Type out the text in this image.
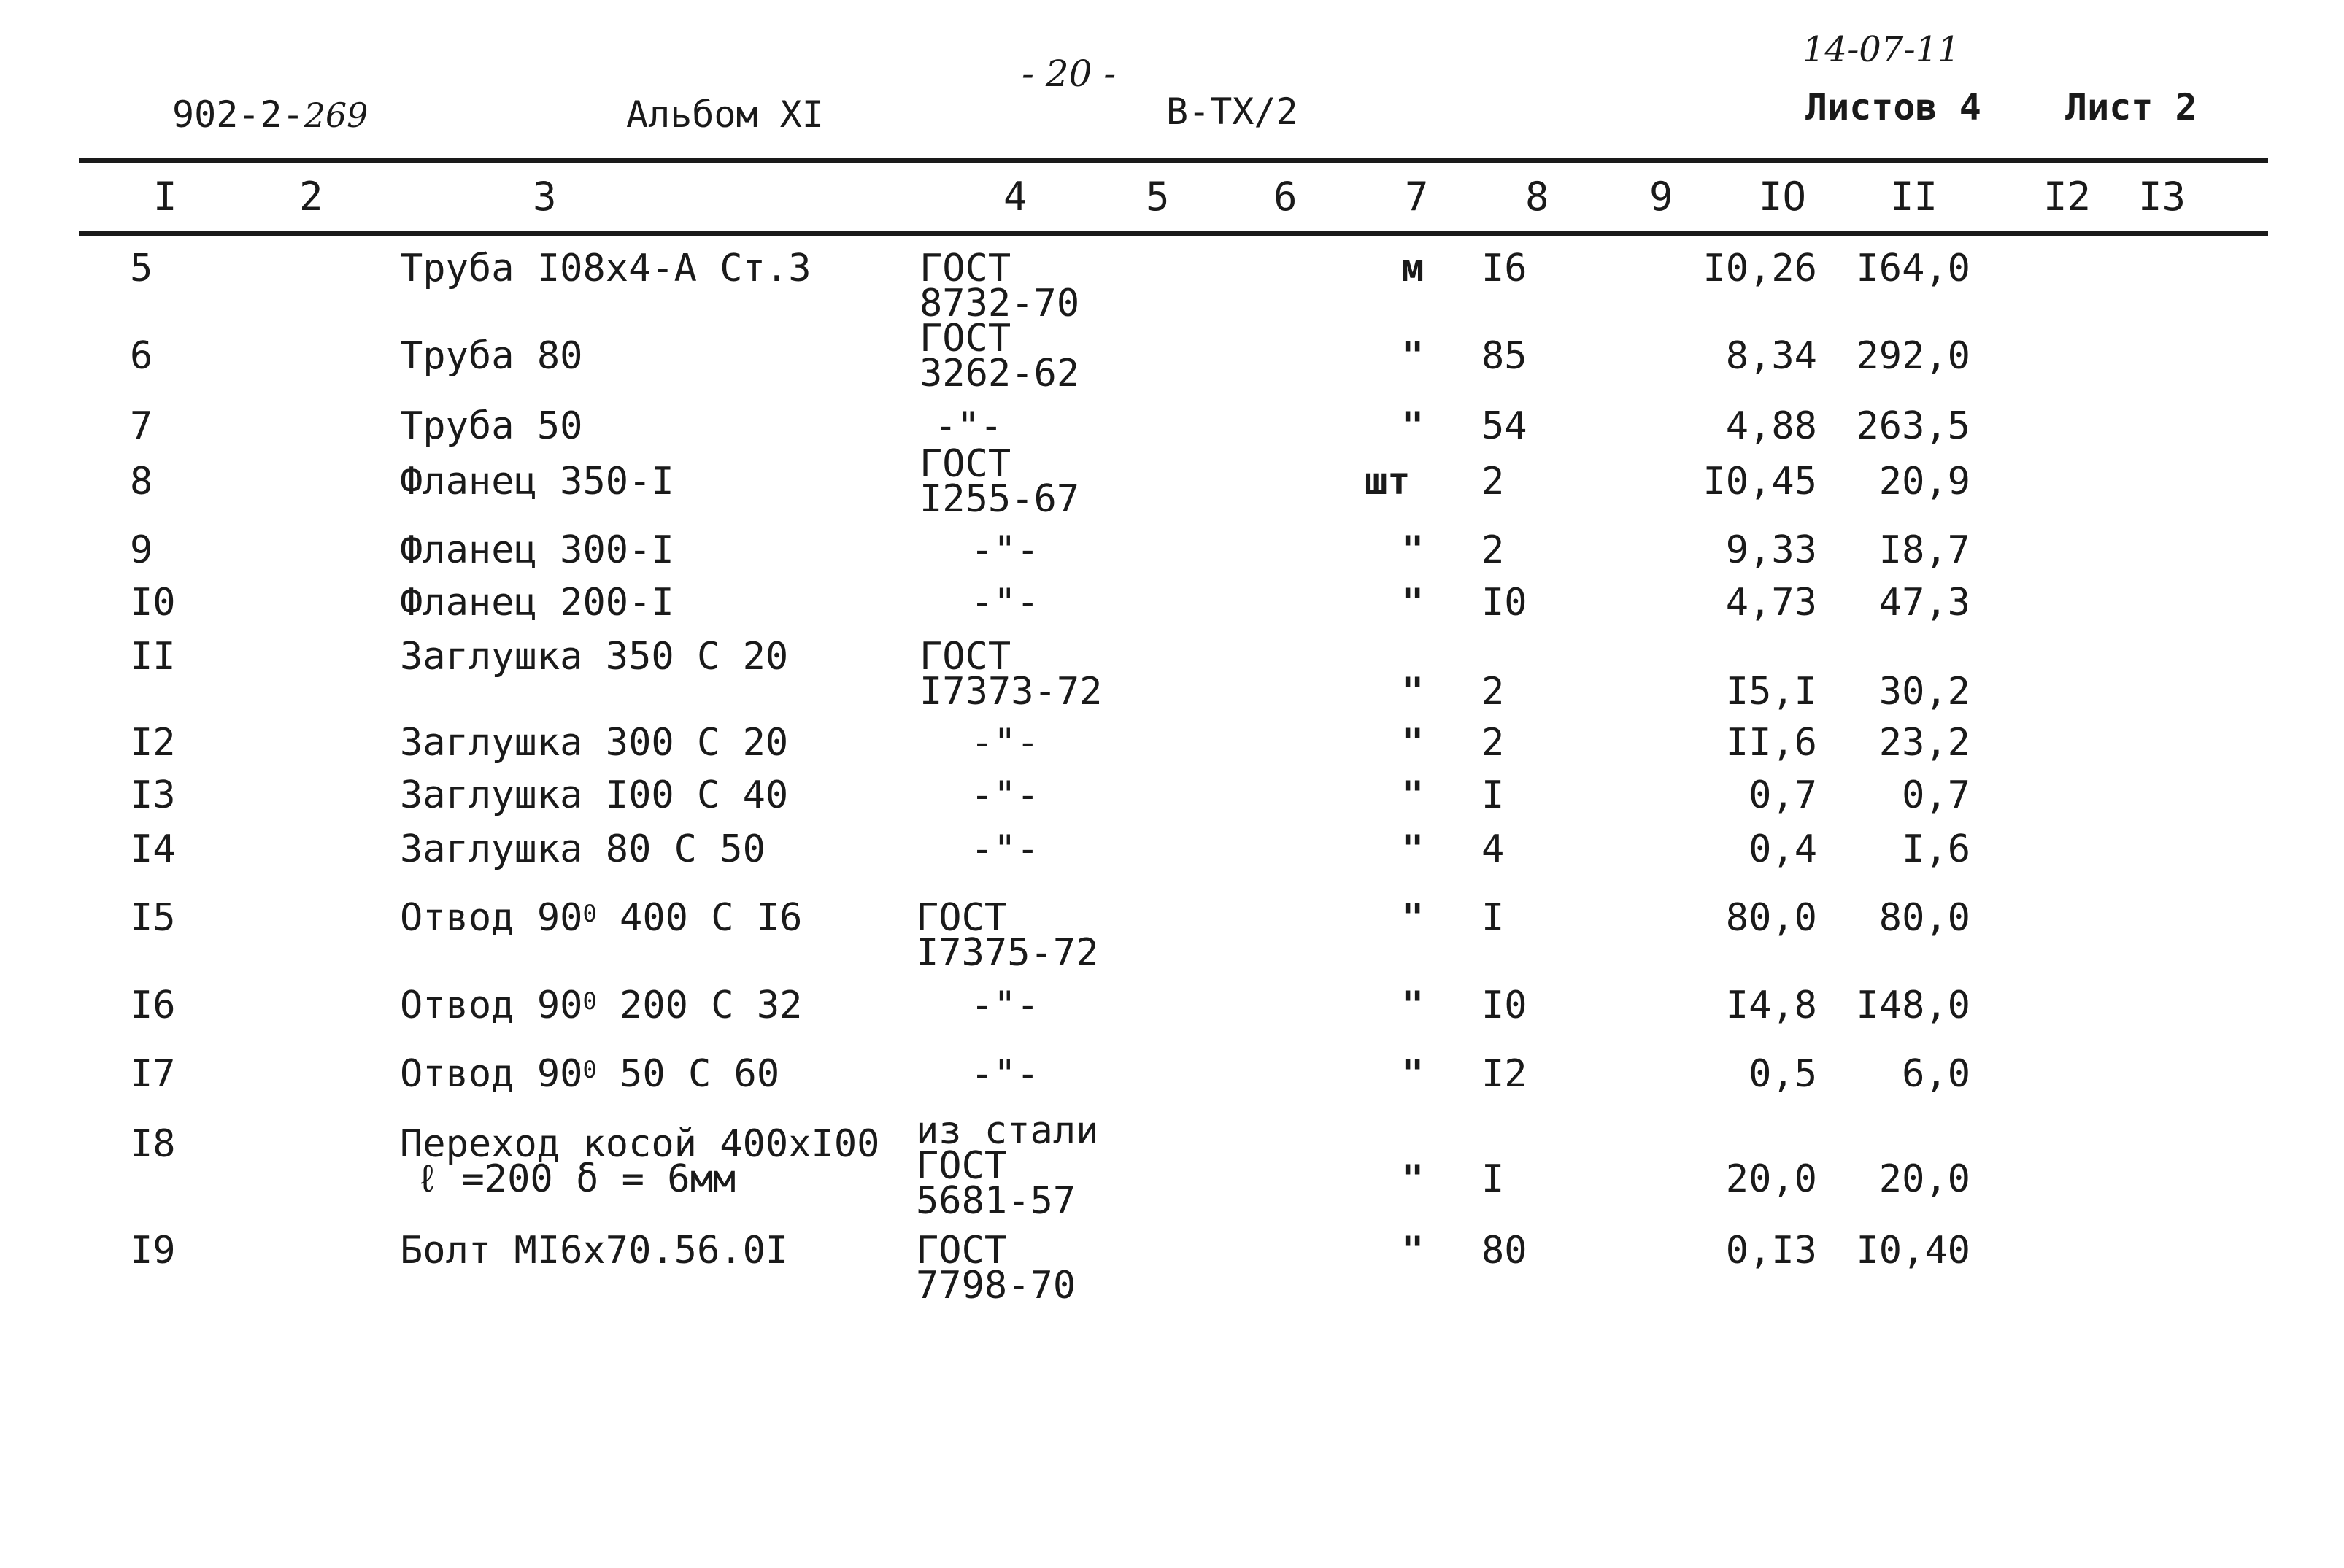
902-2-269	Альбом XI
- 20 -
В-ТХ/2
14-07-11
Листов 4 Лист 2
I	2	3	4	5	6	7 8	9 IO II	I2 I3
5	Труба I08x4-А Ст.3	ГОСТ
8732-70
м I6	I0,26	I64,0
6	Труба 80	ГОСТ
3262-62	" 85	8,34	292,0
7	Труба 50	-"-	" 54	4,88	263,5
8	Фланец 350-I	ГОСТ
I255-67	шт 2	I0,45	20,9
9	Фланец 300-I	-"-	" 2	9,33	I8,7
I0	Фланец 200-I	-"-	" I0	4,73	47,3
II	Заглушка 350 С 20	ГОСТ
I7373-72	" 2	I5,I	30,2
I2	Заглушка 300 С 20	-"-	" 2	II,6	23,2
I3	Заглушка I00 С 40	-"-	" I	0,7	0,7
I4	Заглушка 80 С 50	-"-	" 4	0,4	I,6
I5	Отвод $90^0$ 400 С I6	ГОСТ
I7375-72
" I	80,0	80,0
I6	Отвод $90^0$ 200 С 32	-"-	" I0	I4,8	I48,0
I7	Отвод $90^0$ 50 С 60	-"-	" I2	0,5	6,0
I8	Переход косой 400xI00
ℓ =200 δ = 6мм
из стали
ГОСТ
5681-57	" I	20,0	20,0
I9	Болт MI6x70.56.0I	ГОСТ
7798-70
" 80	0,I3	I0,40
